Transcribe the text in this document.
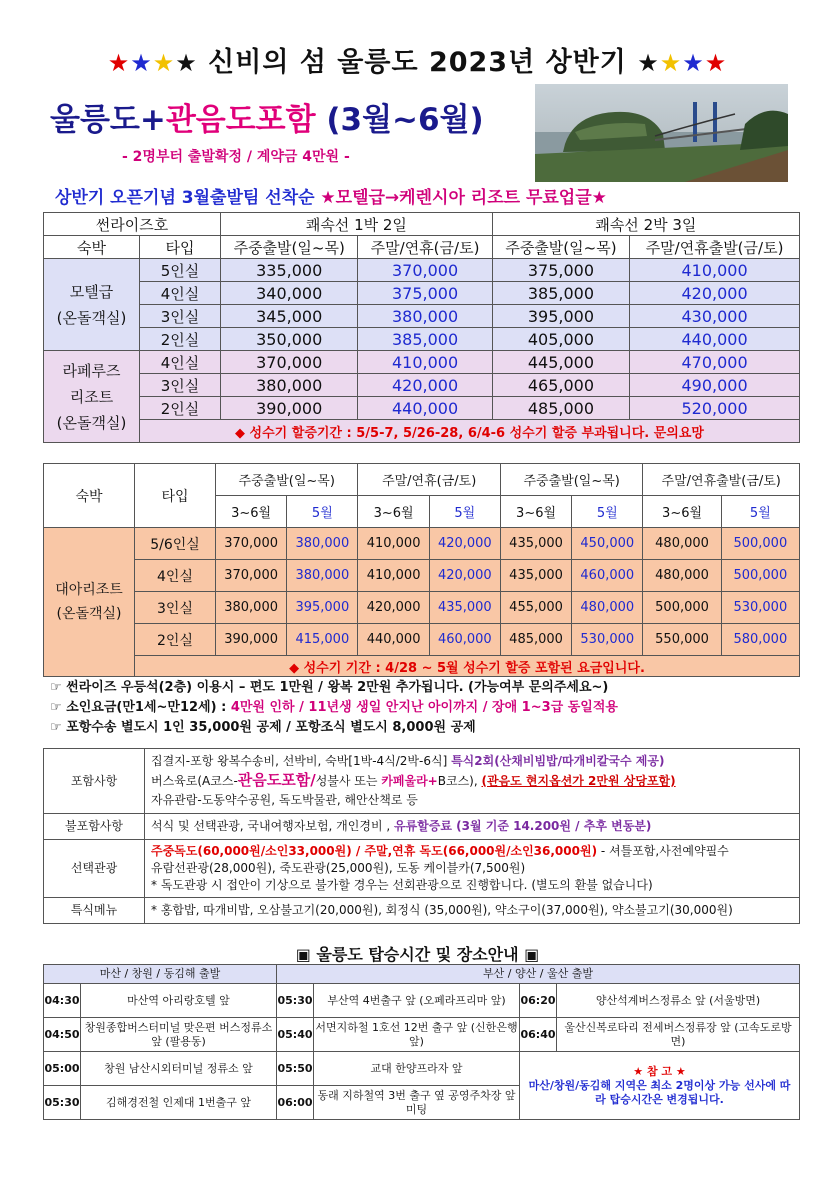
★★★★ 신비의 섬 울릉도 2023년 상반기 ★★★★
울릉도+관음도포함 (3월~6월)
- 2명부터 출발확정 / 계약금 4만원 -
상반기 오픈기념 3월출발팀 선착순 ★모텔급→케렌시아 리조트 무료업글★
썬라이즈호		쾌속선 1박 2일		쾌속선 2박 3일	
숙박	타입	주중출발(일~목)	주말/연휴(금/토)	주중출발(일~목)	주말/연휴출발(금/토)
모텔급
(온돌객실)	5인실	335,000	370,000	375,000	410,000
	4인실	340,000	375,000	385,000	420,000
	3인실	345,000	380,000	395,000	430,000
	2인실	350,000	385,000	405,000	440,000
라페루즈
리조트
(온돌객실)	4인실	370,000	410,000	445,000	470,000
	3인실	380,000	420,000	465,000	490,000
	2인실	390,000	440,000	485,000	520,000
	◆ 성수기 할증기간 : 5/5-7, 5/26-28, 6/4-6 성수기 할증 부과됩니다. 문의요망				
숙박	타입	주중출발(일~목)		주말/연휴(금/토)		주중출발(일~목)		주말/연휴출발(금/토)	
		3~6월	5월	3~6월	5월	3~6월	5월	3~6월	5월
대아리조트
(온돌객실)	5/6인실	370,000	380,000	410,000	420,000	435,000	450,000	480,000	500,000
	4인실	370,000	380,000	410,000	420,000	435,000	460,000	480,000	500,000
	3인실	380,000	395,000	420,000	435,000	455,000	480,000	500,000	530,000
	2인실	390,000	415,000	440,000	460,000	485,000	530,000	550,000	580,000
	◆ 성수기 기간 : 4/28 ~ 5월 성수기 할증 포함된 요금입니다.								
☞ 썬라이즈 우등석(2층) 이용시 – 편도 1만원 / 왕복 2만원 추가됩니다. (가능여부 문의주세요~)
☞ 소인요금(만1세~만12세) : 4만원 인하 / 11년생 생일 안지난 아이까지 / 장애 1~3급 동일적용
☞ 포항수송 별도시 1인 35,000원 공제 / 포항조식 별도시 8,000원 공제
포함사항	집결지-포항 왕복수송비, 선박비, 숙박[1박-4식/2박-6식] 특식2회(산채비빔밥/따개비칼국수 제공)
버스육로(A코스-관음도포함/성불사 또는 카페울라+B코스), (관음도 현지옵션가 2만원 상당포함)
자유관람-도동약수공원, 독도박물관, 해안산책로 등

불포함사항	석식 및 선택관광, 국내여행자보험, 개인경비 , 유류할증료 (3월 기준 14.200원 / 추후 변동분)
선택관광	주중독도(60,000원/소인33,000원) / 주말,연휴 독도(66,000원/소인36,000원) - 셔틀포함,사전예약필수
유람선관광(28,000원), 죽도관광(25,000원), 도동 케이블카(7,500원)
* 독도관광 시 접안이 기상으로 불가할 경우는 선회관광으로 진행합니다. (별도의 환불 없습니다)

특식메뉴	* 홍합밥, 따개비밥, 오삼불고기(20,000원), 회정식 (35,000원), 약소구이(37,000원), 약소불고기(30,000원)
▣ 울릉도 탑승시간 및 장소안내 ▣
마산 / 창원 / 동김해 출발		부산 / 양산 / 울산 출발			
04:30	마산역 아리랑호텔 앞	05:30	부산역 4번출구 앞 (오페라프리마 앞)	06:20	양산석계버스정류소 앞 (서울방면)
04:50	창원종합버스터미널 맞은편 버스정류소 앞 (팔용동)	05:40	서면지하철 1호선 12번 출구 앞 (신한은행 앞)	06:40	울산신복로타리 전세버스정류장 앞 (고속도로방면)
05:00	창원 남산시외터미널 정류소 앞	05:50	교대 한양프라자 앞	★ 참 고 ★
마산/창원/동김해 지역은 최소 2명이상 가능 선사에 따라 탑승시간은 변경됩니다.	

05:30	김해경전철 인제대 1번출구 앞	06:00	동래 지하철역 3번 출구 옆 공영주차장 앞 미팅		
